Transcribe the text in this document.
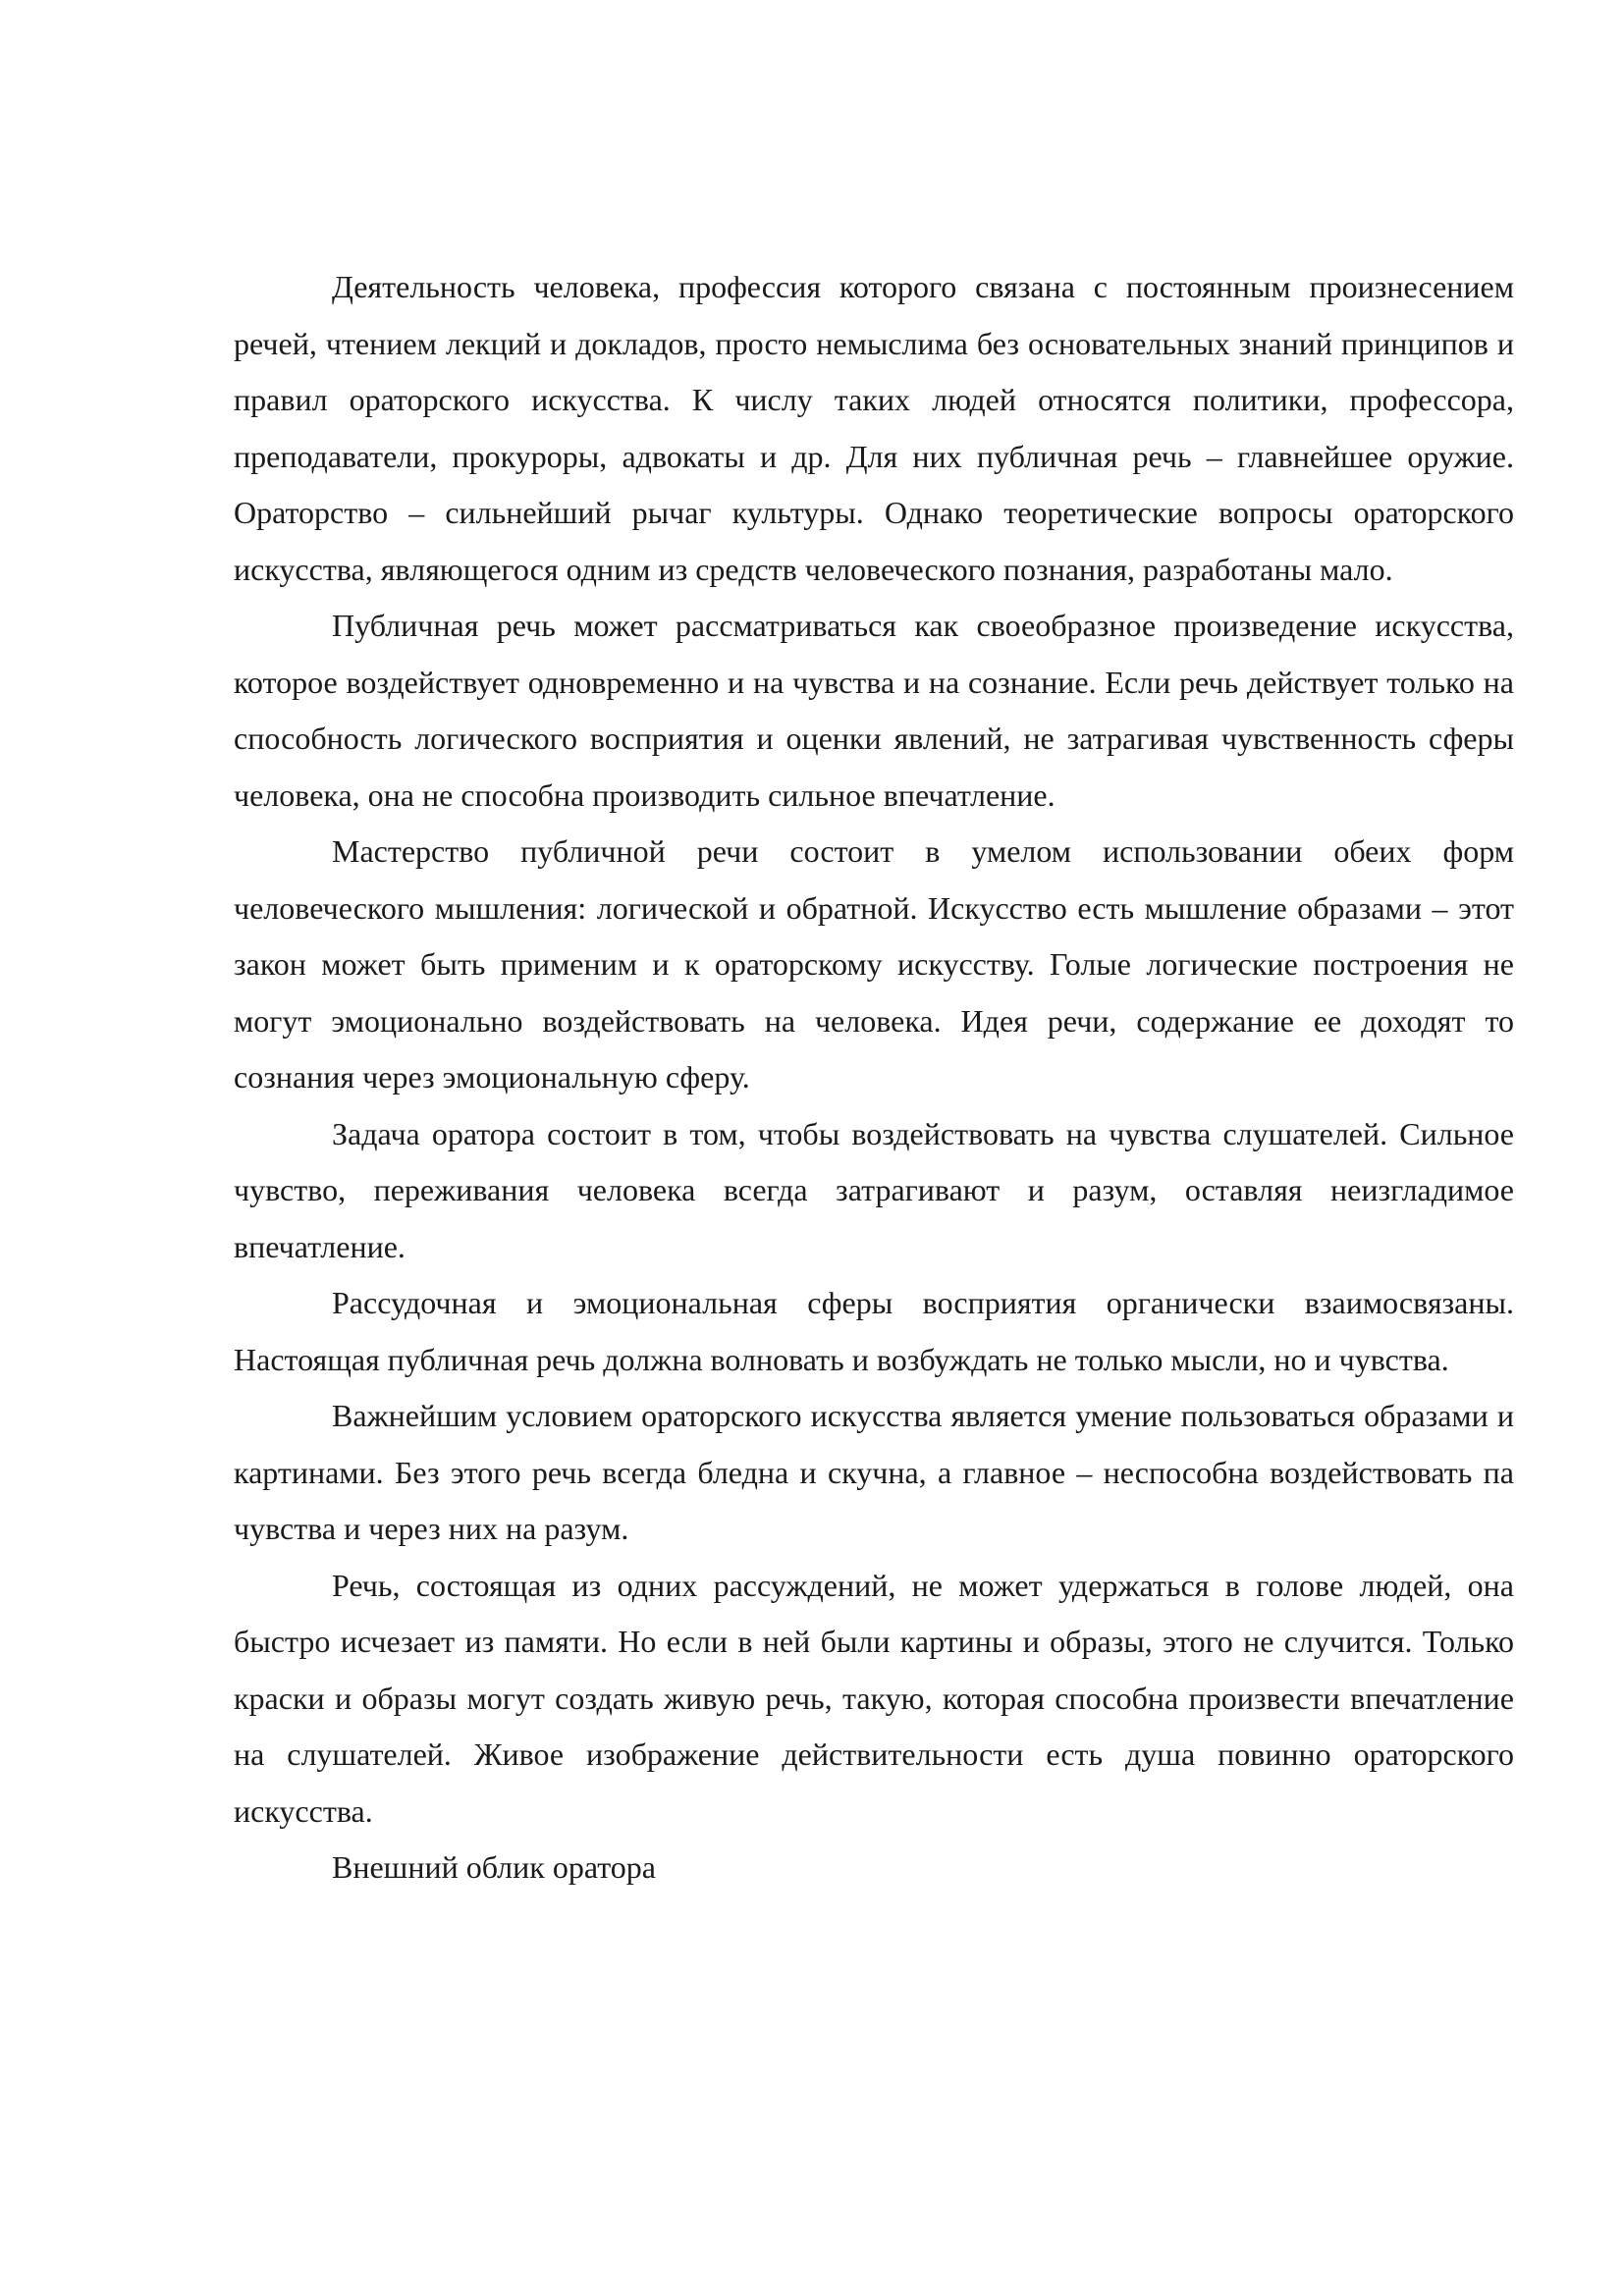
Деятельность человека, профессия которого связана с постоянным произнесением речей, чтением лекций и докладов, просто немыслима без основательных знаний принципов и правил ораторского искусства. К числу таких людей относятся политики, профессора, преподаватели, прокуроры, адвокаты и др. Для них публичная речь – главнейшее оружие. Ораторство – сильнейший рычаг культуры. Однако теоретические вопросы ораторского искусства, являющегося одним из средств человеческого познания, разработаны мало.

Публичная речь может рассматриваться как своеобразное произведение искусства, которое воздействует одновременно и на чувства и на сознание. Если речь действует только на способность логического восприятия и оценки явлений, не затрагивая чувственность сферы человека, она не способна производить сильное впечатление.

Мастерство публичной речи состоит в умелом использовании обеих форм человеческого мышления: логической и обратной. Искусство есть мышление образами – этот закон может быть применим и к ораторскому искусству. Голые логические построения не могут эмоционально воздействовать на человека. Идея речи, содержание ее доходят то сознания через эмоциональную сферу.

Задача оратора состоит в том, чтобы воздействовать на чувства слушателей. Сильное чувство, переживания человека всегда затрагивают и разум, оставляя неизгладимое впечатление.

Рассудочная и эмоциональная сферы восприятия органически взаимосвязаны. Настоящая публичная речь должна волновать и возбуждать не только мысли, но и чувства.

Важнейшим условием ораторского искусства является умение пользоваться образами и картинами. Без этого речь всегда бледна и скучна, а главное – неспособна воздействовать па чувства и через них на разум.

Речь, состоящая из одних рассуждений, не может удержаться в голове людей, она быстро исчезает из памяти. Но если в ней были картины и образы, этого не случится. Только краски и образы могут создать живую речь, такую, которая способна произвести впечатление на слушателей. Живое изображение действительности есть душа повинно ораторского искусства.

Внешний облик оратора
